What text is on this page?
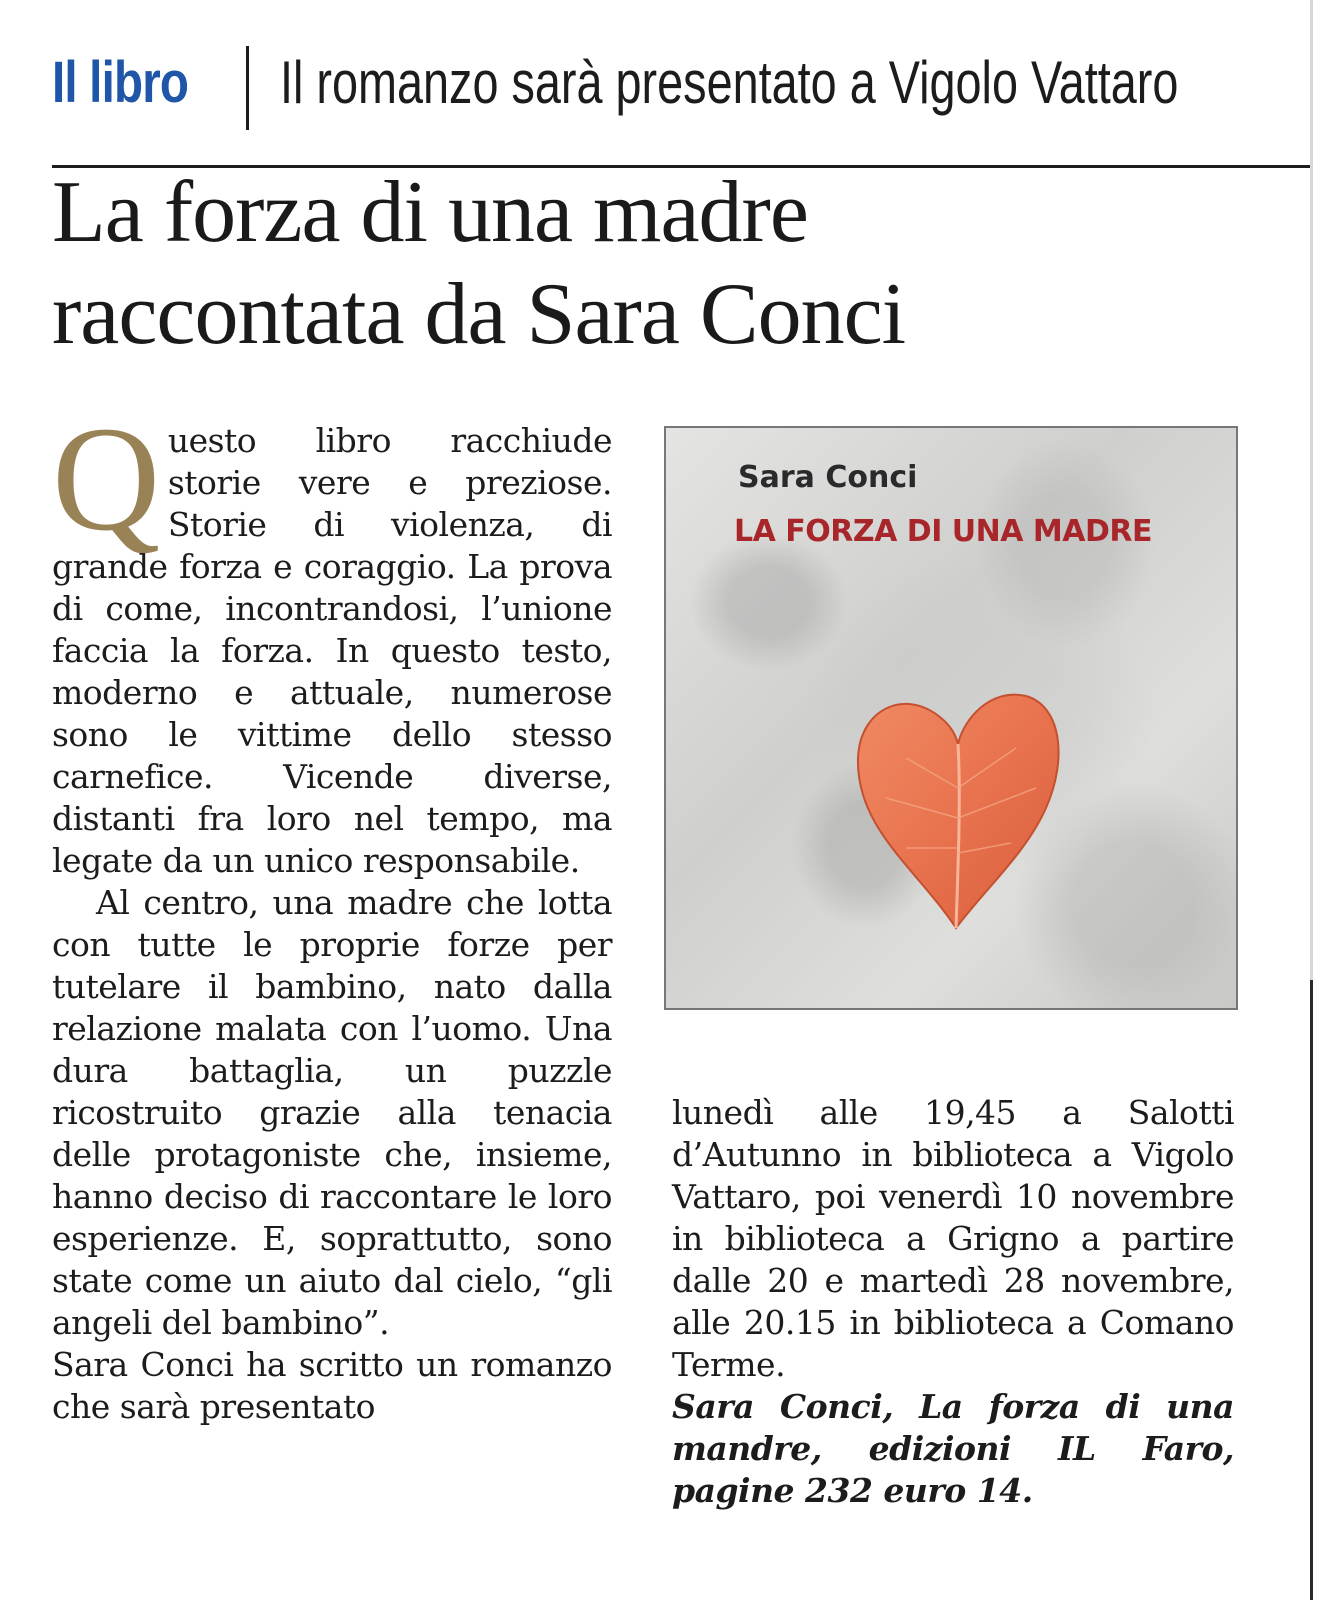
Il libro Il romanzo sarà presentato a Vigolo Vattaro
La forza di una madre
raccontata da Sara Conci

Questo libro racchiude storie vere e preziose. Storie di violenza, di grande forza e coraggio. La prova di come, incontrandosi, l’unione faccia la forza. In questo testo, moderno e attuale, numerose sono le vittime dello stesso carnefice. Vicende diverse, distanti fra loro nel tempo, ma legate da un unico responsabile.

Al centro, una madre che lotta con tutte le proprie forze per tutelare il bambino, nato dalla relazione malata con l’uomo. Una dura battaglia, un puzzle ricostruito grazie alla tenacia delle protagoniste che, insieme, hanno deciso di raccontare le loro esperienze. E, soprattutto, sono state come un aiuto dal cielo, “gli angeli del bambino”.

Sara Conci ha scritto un romanzo che sarà presentato

Sara Conci
LA FORZA DI UNA MADRE

lunedì alle 19,45 a Salotti d’Autunno in biblioteca a Vigolo Vattaro, poi venerdì 10 novembre in biblioteca a Grigno a partire dalle 20 e martedì 28 novembre, alle 20.15 in biblioteca a Comano Terme.

Sara Conci, La forza di una mandre, edizioni IL Faro, pagine 232 euro 14.
